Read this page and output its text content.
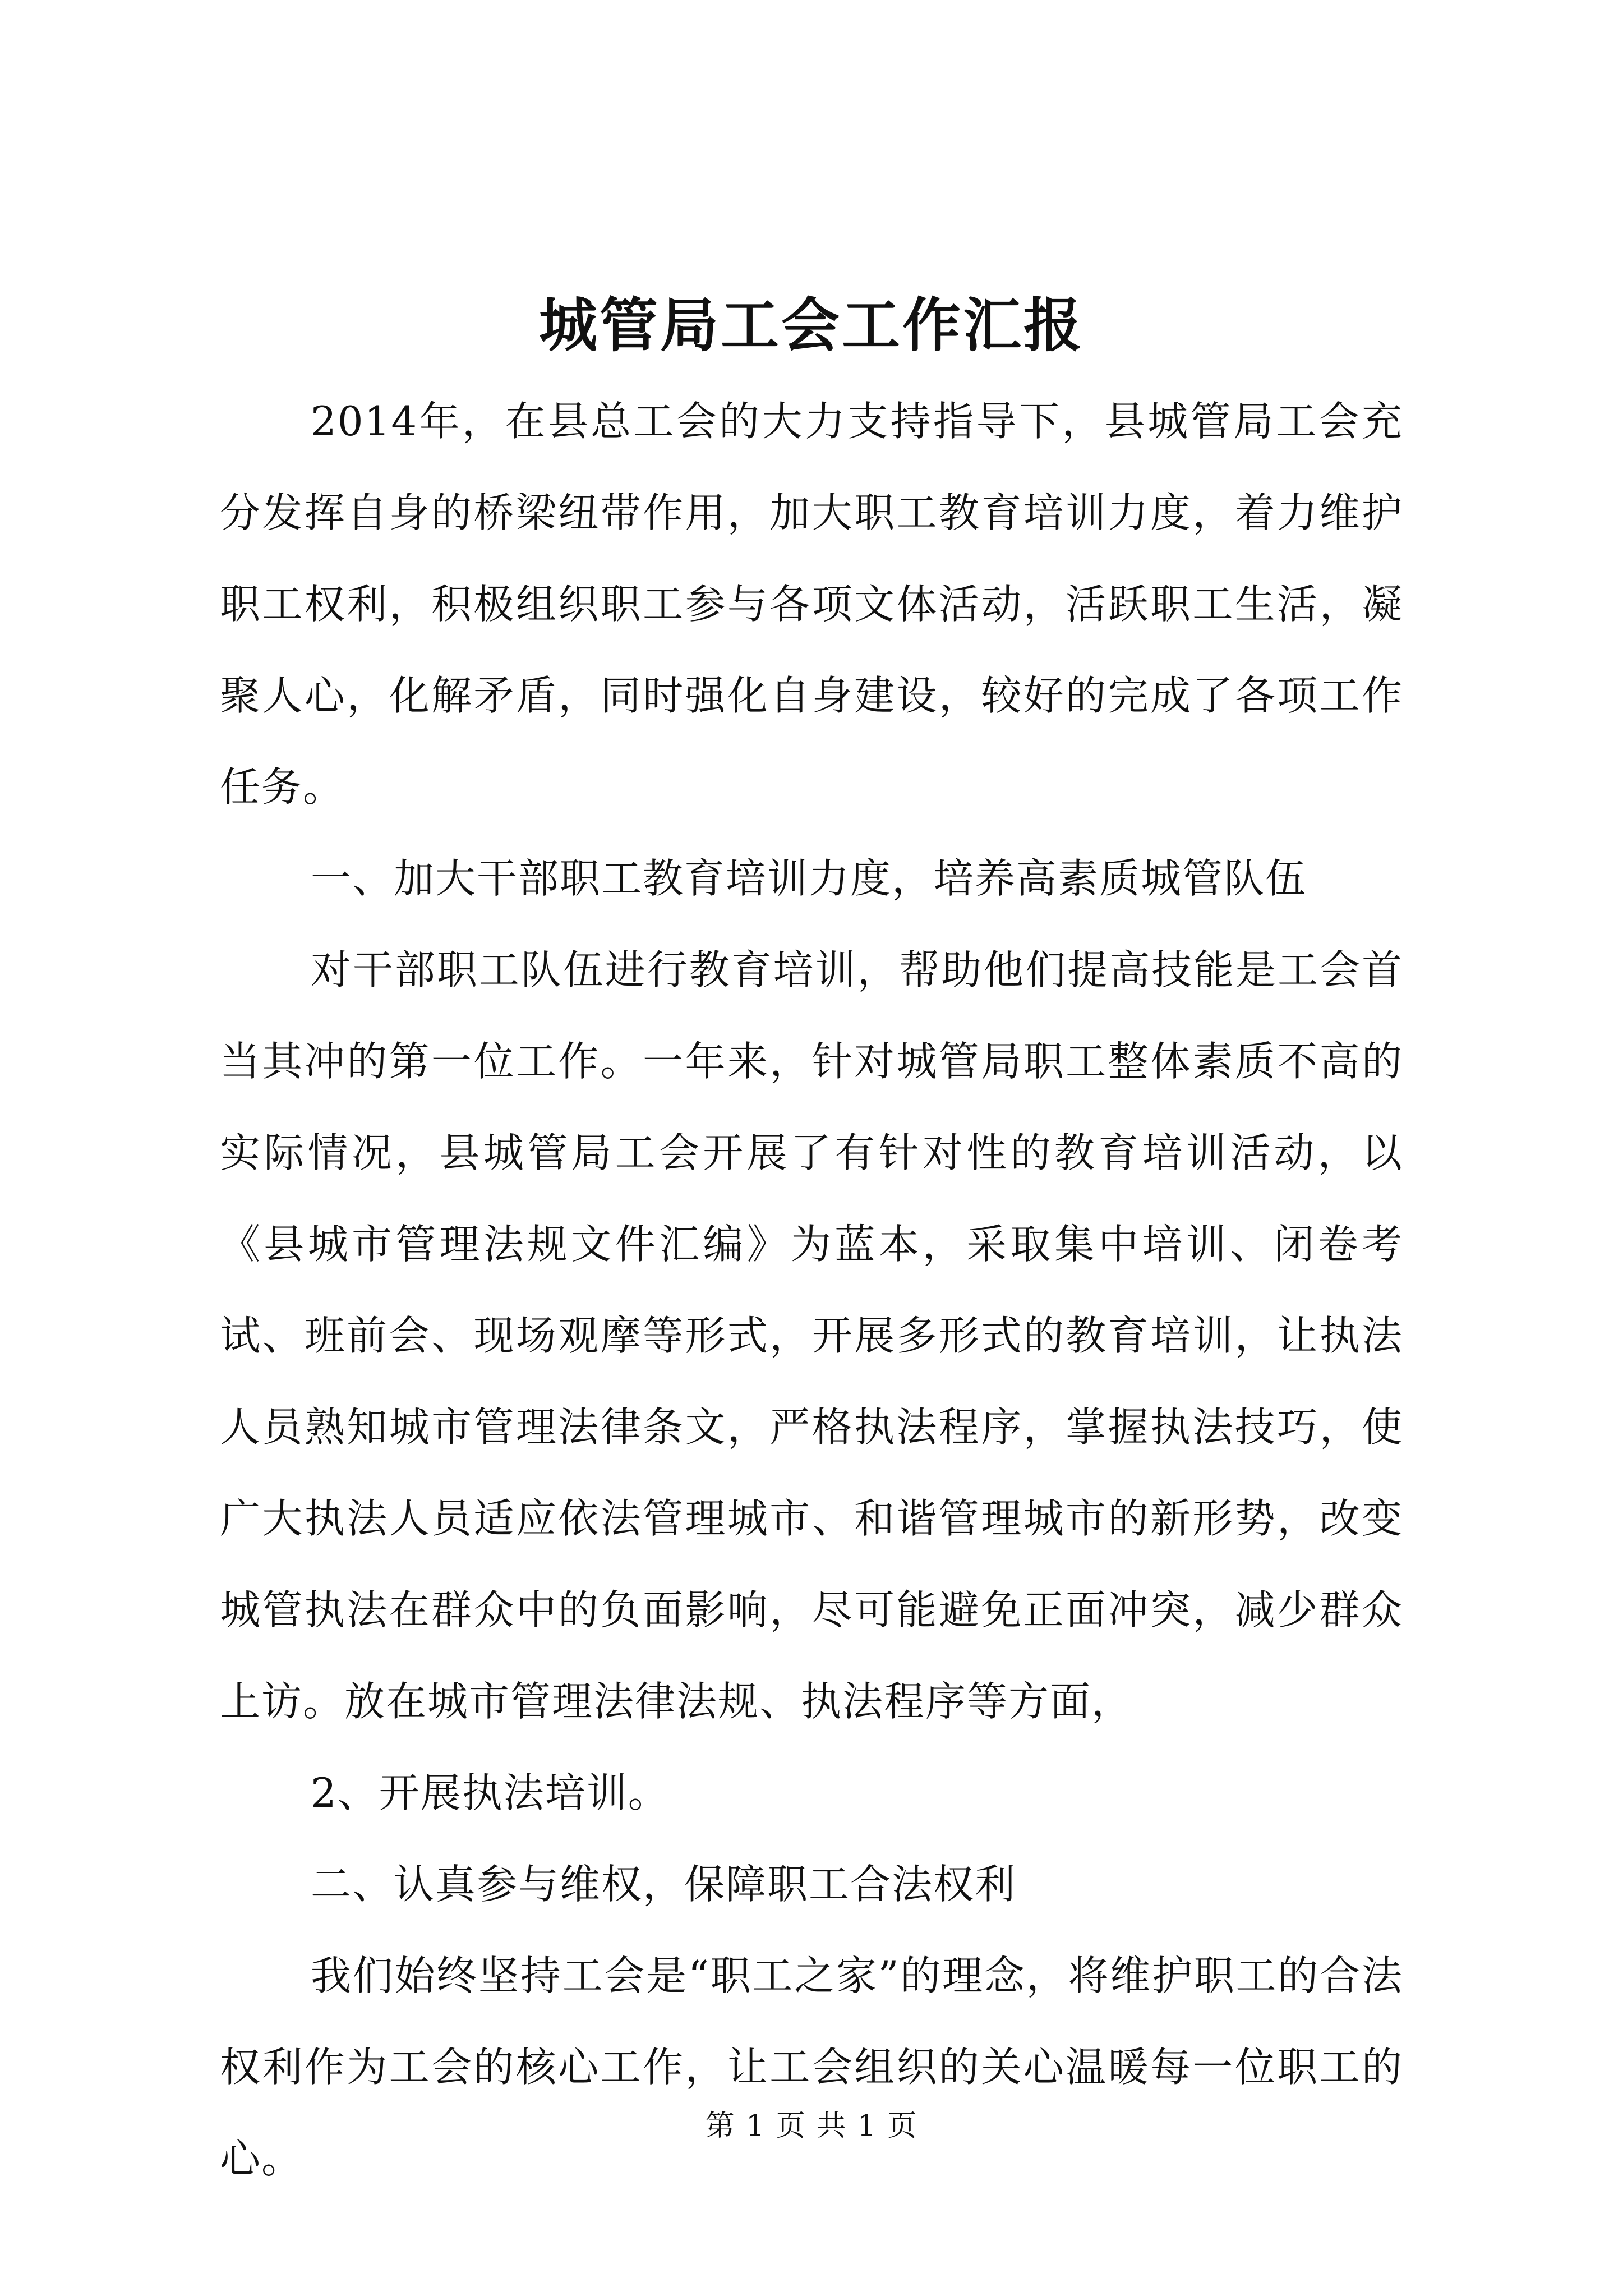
城管局工会工作汇报

2014年，在县总工会的大力支持指导下，县城管局工会充分发挥自身的桥梁纽带作用，加大职工教育培训力度，着力维护职工权利，积极组织职工参与各项文体活动，活跃职工生活，凝聚人心，化解矛盾，同时强化自身建设，较好的完成了各项工作任务。

一、加大干部职工教育培训力度，培养高素质城管队伍

对干部职工队伍进行教育培训，帮助他们提高技能是工会首当其冲的第一位工作。一年来，针对城管局职工整体素质不高的实际情况，县城管局工会开展了有针对性的教育培训活动，以《县城市管理法规文件汇编》为蓝本，采取集中培训、闭卷考试、班前会、现场观摩等形式，开展多形式的教育培训，让执法人员熟知城市管理法律条文，严格执法程序，掌握执法技巧，使广大执法人员适应依法管理城市、和谐管理城市的新形势，改变城管执法在群众中的负面影响，尽可能避免正面冲突，减少群众上访。放在城市管理法律法规、执法程序等方面，

2、开展执法培训。

二、认真参与维权，保障职工合法权利

我们始终坚持工会是“职工之家”的理念，将维护职工的合法权利作为工会的核心工作，让工会组织的关心温暖每一位职工的心。

第 1 页 共 1 页
